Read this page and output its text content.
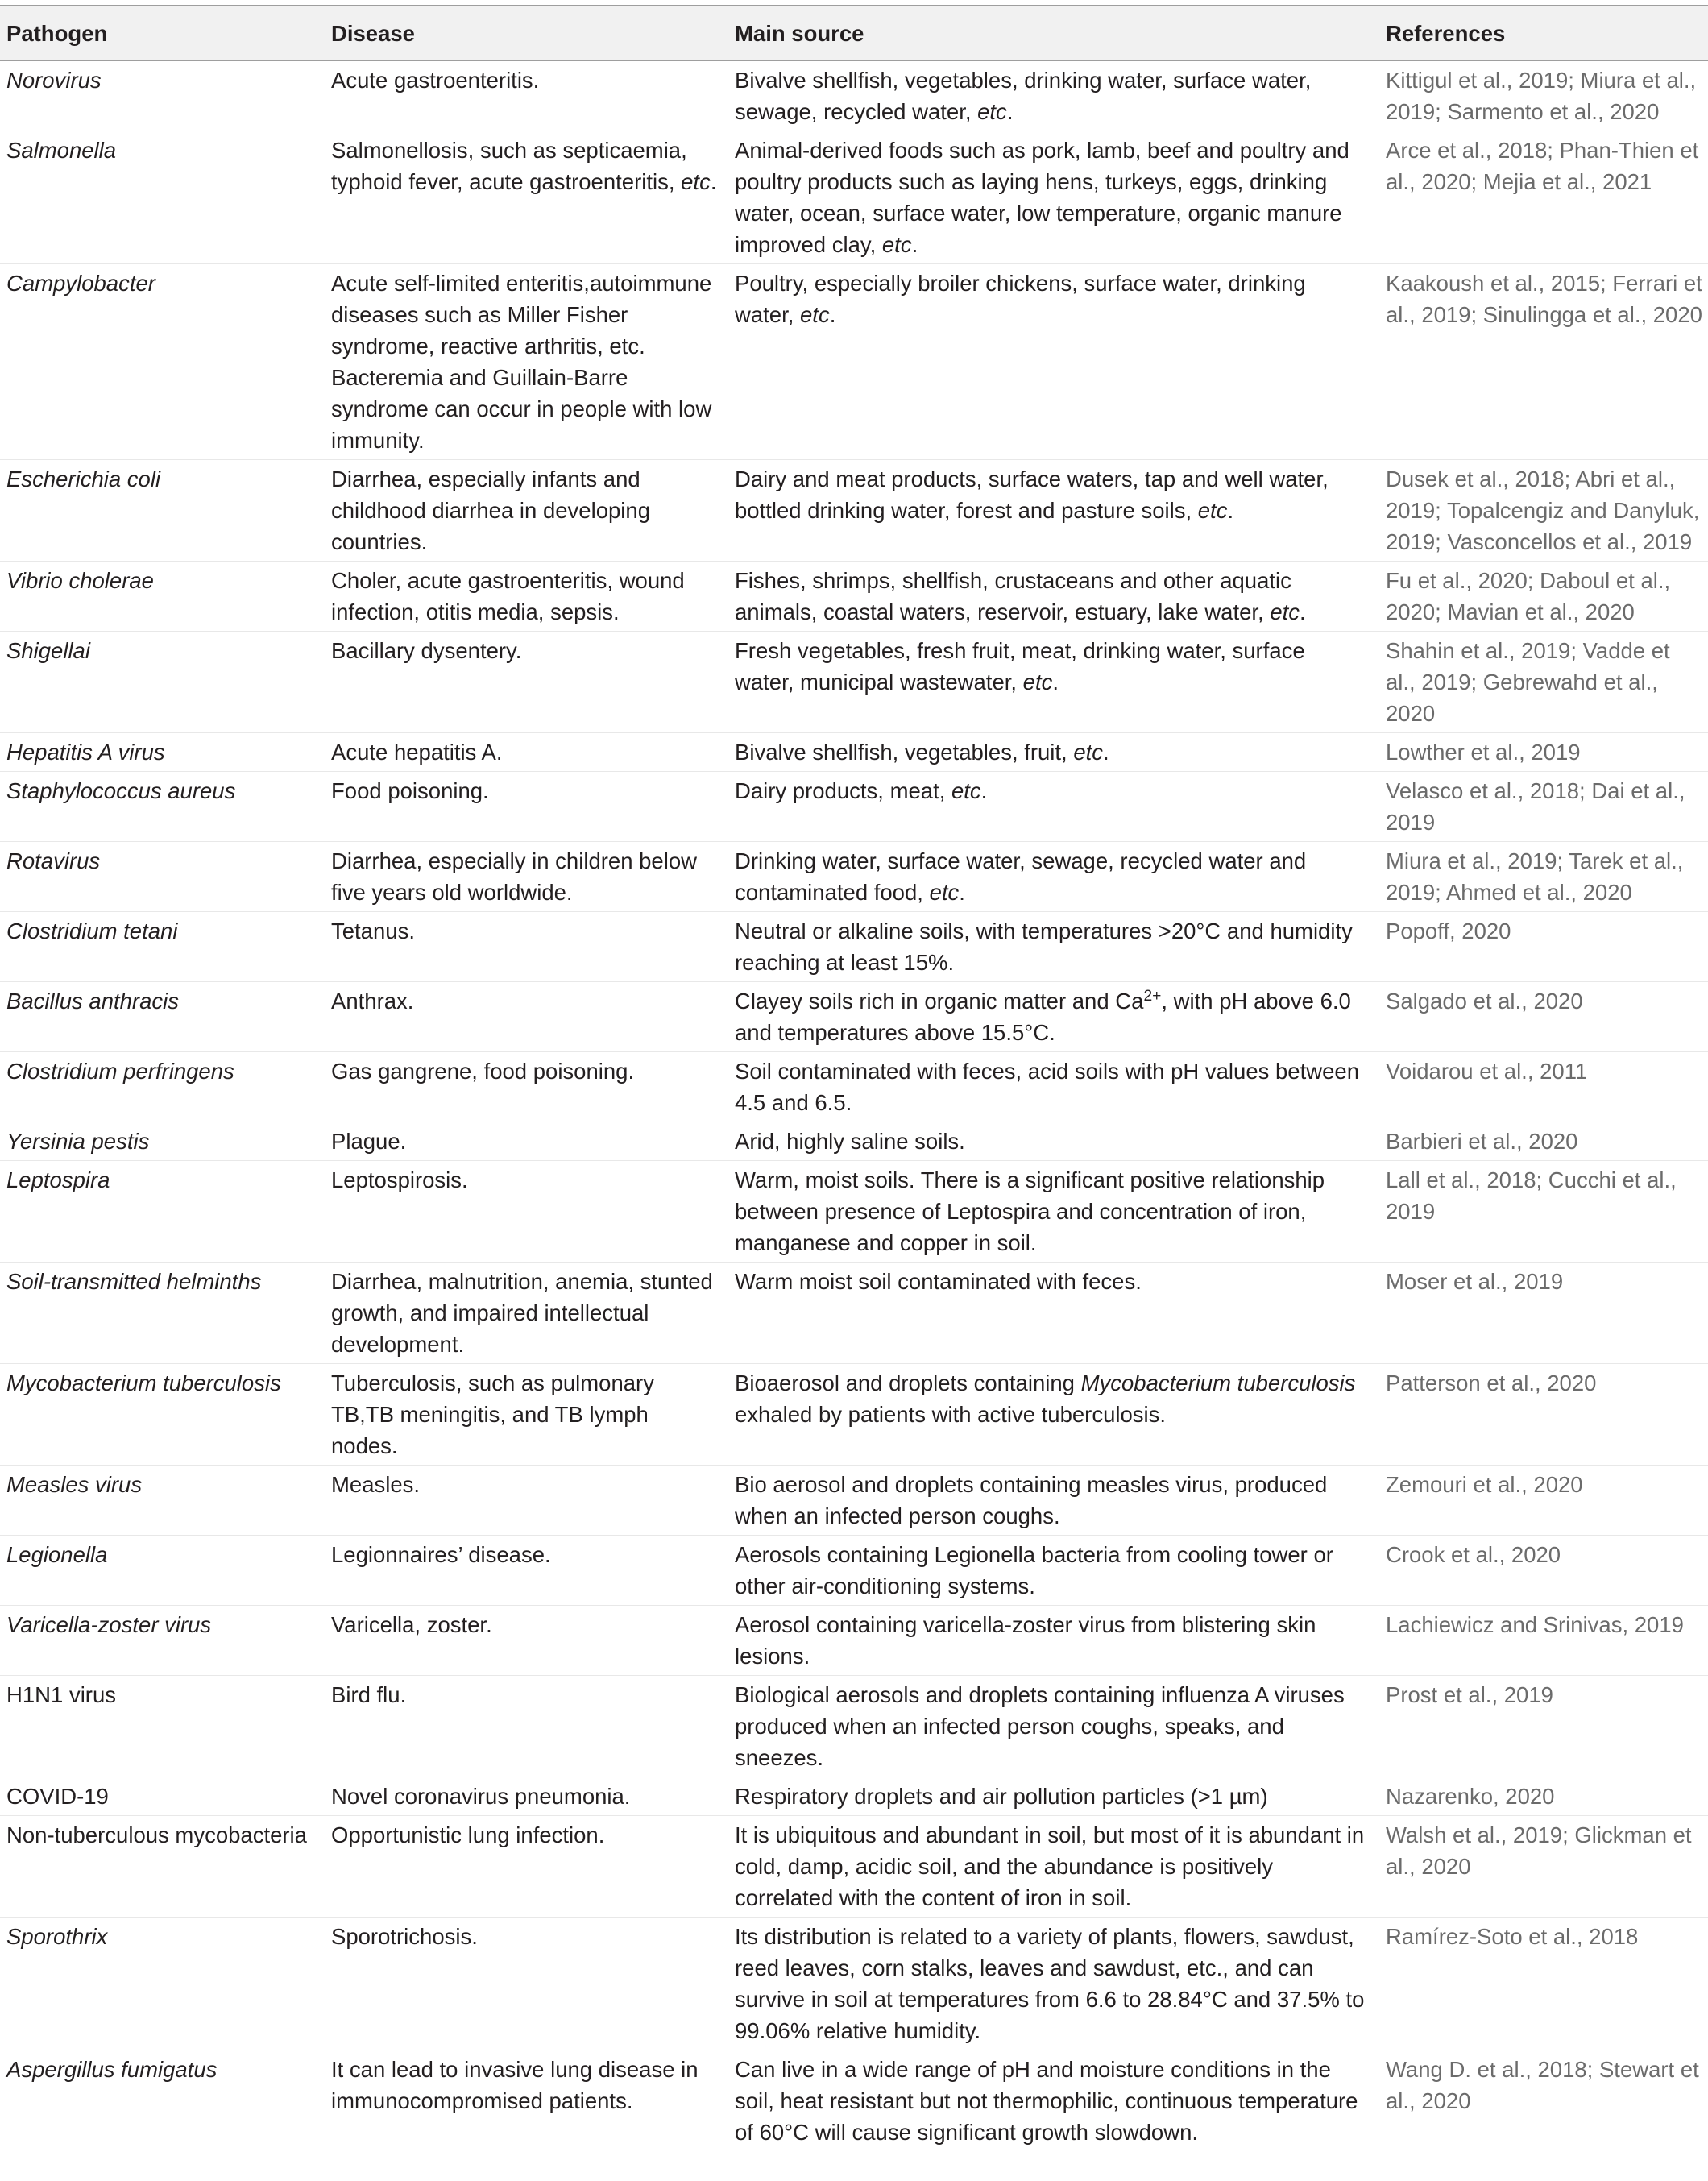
Pathogen	Disease	Main source	References
Norovirus	Acute gastroenteritis.	Bivalve shellfish, vegetables, drinking water, surface water, sewage, recycled water, etc.	Kittigul et al., 2019; Miura et al., 2019; Sarmento et al., 2020
Salmonella	Salmonellosis, such as septicaemia, typhoid fever, acute gastroenteritis, etc.	Animal-derived foods such as pork, lamb, beef and poultry and poultry products such as laying hens, turkeys, eggs, drinking water, ocean, surface water, low temperature, organic manure improved clay, etc.	Arce et al., 2018; Phan-Thien et al., 2020; Mejia et al., 2021
Campylobacter	Acute self-limited enteritis,autoimmune diseases such as Miller Fisher syndrome, reactive arthritis, etc. Bacteremia and Guillain-Barre syndrome can occur in people with low immunity.	Poultry, especially broiler chickens, surface water, drinking water, etc.	Kaakoush et al., 2015; Ferrari et al., 2019; Sinulingga et al., 2020
Escherichia coli	Diarrhea, especially infants and childhood diarrhea in developing countries.	Dairy and meat products, surface waters, tap and well water, bottled drinking water, forest and pasture soils, etc.	Dusek et al., 2018; Abri et al., 2019; Topalcengiz and Danyluk, 2019; Vasconcellos et al., 2019
Vibrio cholerae	Choler, acute gastroenteritis, wound infection, otitis media, sepsis.	Fishes, shrimps, shellfish, crustaceans and other aquatic animals, coastal waters, reservoir, estuary, lake water, etc.	Fu et al., 2020; Daboul et al., 2020; Mavian et al., 2020
Shigellai	Bacillary dysentery.	Fresh vegetables, fresh fruit, meat, drinking water, surface water, municipal wastewater, etc.	Shahin et al., 2019; Vadde et al., 2019; Gebrewahd et al., 2020
Hepatitis A virus	Acute hepatitis A.	Bivalve shellfish, vegetables, fruit, etc.	Lowther et al., 2019
Staphylococcus aureus	Food poisoning.	Dairy products, meat, etc.	Velasco et al., 2018; Dai et al., 2019
Rotavirus	Diarrhea, especially in children below five years old worldwide.	Drinking water, surface water, sewage, recycled water and contaminated food, etc.	Miura et al., 2019; Tarek et al., 2019; Ahmed et al., 2020
Clostridium tetani	Tetanus.	Neutral or alkaline soils, with temperatures >20°C and humidity reaching at least 15%.	Popoff, 2020
Bacillus anthracis	Anthrax.	Clayey soils rich in organic matter and $Ca^{2+}$, with pH above 6.0 and temperatures above 15.5°C.	Salgado et al., 2020
Clostridium perfringens	Gas gangrene, food poisoning.	Soil contaminated with feces, acid soils with pH values between 4.5 and 6.5.	Voidarou et al., 2011
Yersinia pestis	Plague.	Arid, highly saline soils.	Barbieri et al., 2020
Leptospira	Leptospirosis.	Warm, moist soils. There is a significant positive relationship between presence of Leptospira and concentration of iron, manganese and copper in soil.	Lall et al., 2018; Cucchi et al., 2019
Soil-transmitted helminths	Diarrhea, malnutrition, anemia, stunted growth, and impaired intellectual development.	Warm moist soil contaminated with feces.	Moser et al., 2019
Mycobacterium tuberculosis	Tuberculosis, such as pulmonary TB,TB meningitis, and TB lymph nodes.	Bioaerosol and droplets containing Mycobacterium tuberculosis exhaled by patients with active tuberculosis.	Patterson et al., 2020
Measles virus	Measles.	Bio aerosol and droplets containing measles virus, produced when an infected person coughs.	Zemouri et al., 2020
Legionella	Legionnaires’ disease.	Aerosols containing Legionella bacteria from cooling tower or other air-conditioning systems.	Crook et al., 2020
Varicella-zoster virus	Varicella, zoster.	Aerosol containing varicella-zoster virus from blistering skin lesions.	Lachiewicz and Srinivas, 2019
H1N1 virus	Bird flu.	Biological aerosols and droplets containing influenza A viruses produced when an infected person coughs, speaks, and sneezes.	Prost et al., 2019
COVID-19	Novel coronavirus pneumonia.	Respiratory droplets and air pollution particles (>1 µm)	Nazarenko, 2020
Non-tuberculous mycobacteria	Opportunistic lung infection.	It is ubiquitous and abundant in soil, but most of it is abundant in cold, damp, acidic soil, and the abundance is positively correlated with the content of iron in soil.	Walsh et al., 2019; Glickman et al., 2020
Sporothrix	Sporotrichosis.	Its distribution is related to a variety of plants, flowers, sawdust, reed leaves, corn stalks, leaves and sawdust, etc., and can survive in soil at temperatures from 6.6 to 28.84°C and 37.5% to 99.06% relative humidity.	Ramírez-Soto et al., 2018
Aspergillus fumigatus	It can lead to invasive lung disease in immunocompromised patients.	Can live in a wide range of pH and moisture conditions in the soil, heat resistant but not thermophilic, continuous temperature of 60°C will cause significant growth slowdown.	Wang D. et al., 2018; Stewart et al., 2020
